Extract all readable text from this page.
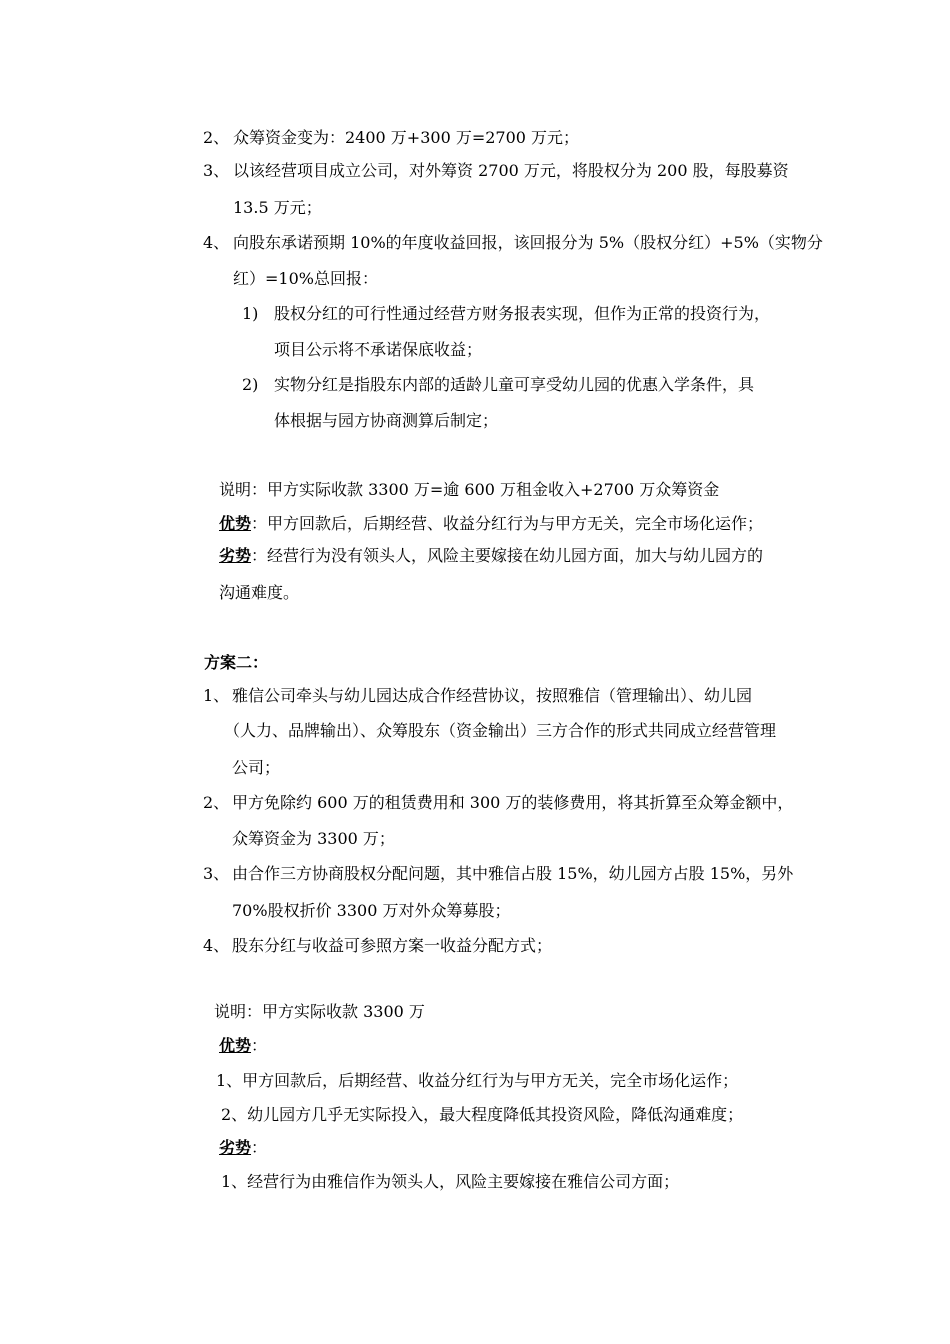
2、 众筹资金变为：2400 万+300 万=2700 万元；
3、 以该经营项目成立公司，对外筹资 2700 万元，将股权分为 200 股，每股募资
13.5 万元；
4、 向股东承诺预期 10%的年度收益回报，该回报分为 5%（股权分红）+5%（实物分
红）=10%总回报：
1) 股权分红的可行性通过经营方财务报表实现，但作为正常的投资行为，
项目公示将不承诺保底收益；
2) 实物分红是指股东内部的适龄儿童可享受幼儿园的优惠入学条件，具
体根据与园方协商测算后制定；
说明：甲方实际收款 3300 万=逾 600 万租金收入+2700 万众筹资金
优势：甲方回款后，后期经营、收益分红行为与甲方无关，完全市场化运作；
劣势：经营行为没有领头人，风险主要嫁接在幼儿园方面，加大与幼儿园方的
沟通难度。
方案二：
1、 雅信公司牵头与幼儿园达成合作经营协议，按照雅信（管理输出）、幼儿园
（人力、品牌输出）、众筹股东（资金输出）三方合作的形式共同成立经营管理
公司；
2、 甲方免除约 600 万的租赁费用和 300 万的装修费用，将其折算至众筹金额中，
众筹资金为 3300 万；
3、 由合作三方协商股权分配问题，其中雅信占股 15%，幼儿园方占股 15%，另外
70%股权折价 3300 万对外众筹募股；
4、 股东分红与收益可参照方案一收益分配方式；
说明：甲方实际收款 3300 万
优势：
1、甲方回款后，后期经营、收益分红行为与甲方无关，完全市场化运作；
2、幼儿园方几乎无实际投入，最大程度降低其投资风险，降低沟通难度；
劣势：
1、经营行为由雅信作为领头人，风险主要嫁接在雅信公司方面；
